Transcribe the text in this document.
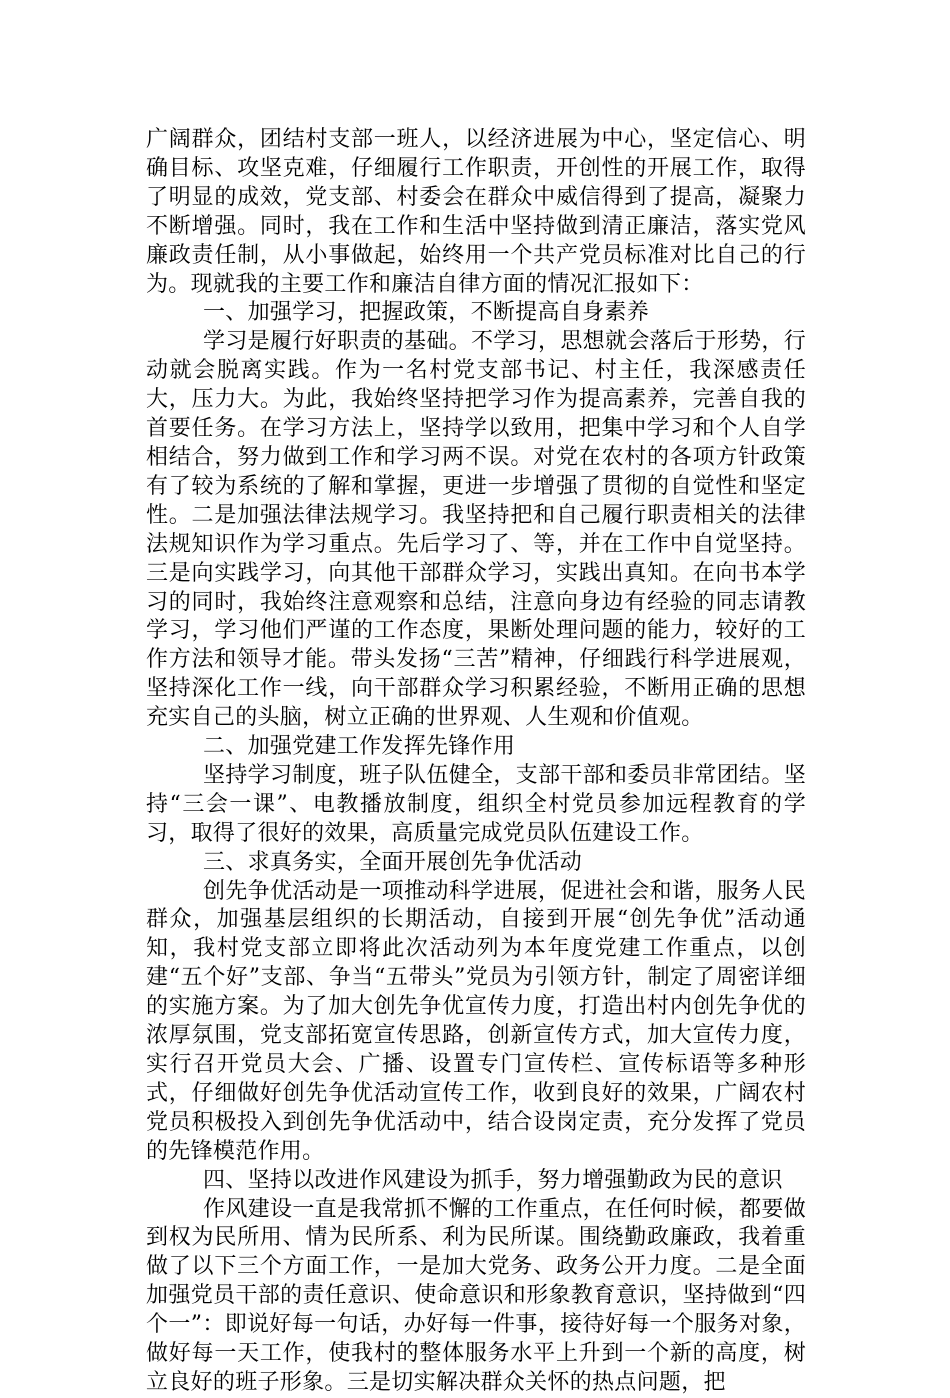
广阔群众，团结村支部一班人，以经济进展为中心，坚定信心、明确目标、攻坚克难，仔细履行工作职责，开创性的开展工作，取得了明显的成效，党支部、村委会在群众中威信得到了提高，凝聚力不断增强。同时，我在工作和生活中坚持做到清正廉洁，落实党风廉政责任制，从小事做起，始终用一个共产党员标准对比自己的行为。现就我的主要工作和廉洁自律方面的情况汇报如下：

一、加强学习，把握政策，不断提高自身素养

学习是履行好职责的基础。不学习，思想就会落后于形势，行动就会脱离实践。作为一名村党支部书记、村主任，我深感责任大，压力大。为此，我始终坚持把学习作为提高素养，完善自我的首要任务。在学习方法上，坚持学以致用，把集中学习和个人自学相结合，努力做到工作和学习两不误。对党在农村的各项方针政策有了较为系统的了解和掌握，更进一步增强了贯彻的自觉性和坚定性。二是加强法律法规学习。我坚持把和自己履行职责相关的法律法规知识作为学习重点。先后学习了、等，并在工作中自觉坚持。三是向实践学习，向其他干部群众学习，实践出真知。在向书本学习的同时，我始终注意观察和总结，注意向身边有经验的同志请教学习，学习他们严谨的工作态度，果断处理问题的能力，较好的工作方法和领导才能。带头发扬“三苦”精神，仔细践行科学进展观，坚持深化工作一线，向干部群众学习积累经验，不断用正确的思想充实自己的头脑，树立正确的世界观、人生观和价值观。

二、加强党建工作发挥先锋作用

坚持学习制度，班子队伍健全，支部干部和委员非常团结。坚持“三会一课”、电教播放制度，组织全村党员参加远程教育的学习，取得了很好的效果，高质量完成党员队伍建设工作。

三、求真务实，全面开展创先争优活动

创先争优活动是一项推动科学进展，促进社会和谐，服务人民群众，加强基层组织的长期活动，自接到开展“创先争优”活动通知，我村党支部立即将此次活动列为本年度党建工作重点，以创建“五个好”支部、争当“五带头”党员为引领方针，制定了周密详细的实施方案。为了加大创先争优宣传力度，打造出村内创先争优的浓厚氛围，党支部拓宽宣传思路，创新宣传方式，加大宣传力度，实行召开党员大会、广播、设置专门宣传栏、宣传标语等多种形式，仔细做好创先争优活动宣传工作，收到良好的效果，广阔农村党员积极投入到创先争优活动中，结合设岗定责，充分发挥了党员的先锋模范作用。

四、坚持以改进作风建设为抓手，努力增强勤政为民的意识

作风建设一直是我常抓不懈的工作重点，在任何时候，都要做到权为民所用、情为民所系、利为民所谋。围绕勤政廉政，我着重做了以下三个方面工作，一是加大党务、政务公开力度。二是全面加强党员干部的责任意识、使命意识和形象教育意识，坚持做到“四个一”：即说好每一句话，办好每一件事，接待好每一个服务对象，做好每一天工作，使我村的整体服务水平上升到一个新的高度，树立良好的班子形象。三是切实解决群众关怀的热点问题，把
